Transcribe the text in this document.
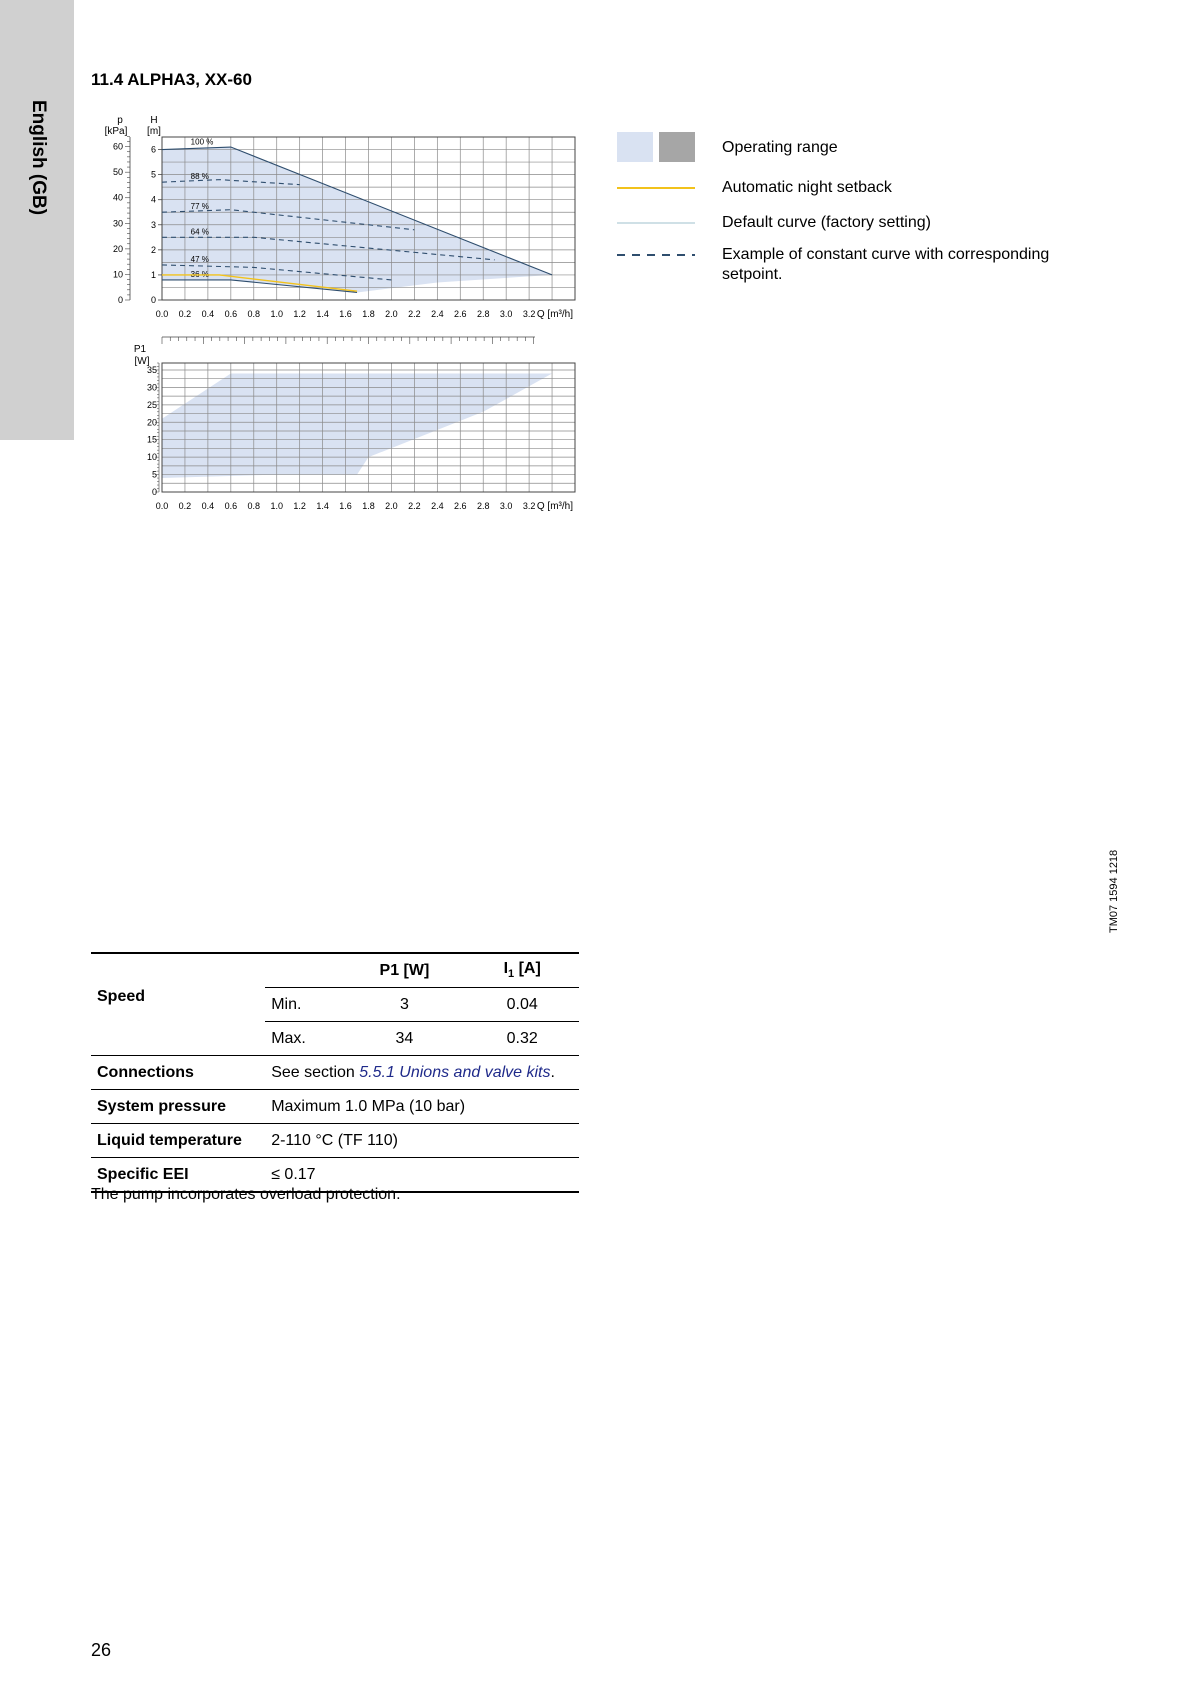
English (GB)
11.4 ALPHA3, XX-60
0.0 0.2 0.4 0.6 0.8 1.0 1.2 1.4 1.6 1.8 2.0 2.2 2.4 2.6 2.8 3.0 3.2 Q [m³/h]
0
1
2
3
4
5
6
0
10
20
30
40
50
60
p
[kPa]
H
[m]
100 %
88 %
77 %
64 %
47 %
36 %
0.0 0.2 0.4 0.6 0.8 1.0 1.2 1.4 1.6 1.8 2.0 2.2 2.4 2.6 2.8 3.0 3.2 Q [m³/h]
0
5
10
15
20
25
30
35
P1
[W]
Operating range
Automatic night setback
Default curve (factory setting)
Example of constant curve with corresponding setpoint.
		P1 [W]	$I_1$ [A]
Speed	Min.	3	0.04
	Max.	34	0.32
Connections	See section 5.5.1 Unions and valve kits.		
System pressure	Maximum 1.0 MPa (10 bar)		
Liquid temperature	2-110 °C (TF 110)		
Specific EEI	≤ 0.17		
The pump incorporates overload protection.
26
TM07 1594 1218
